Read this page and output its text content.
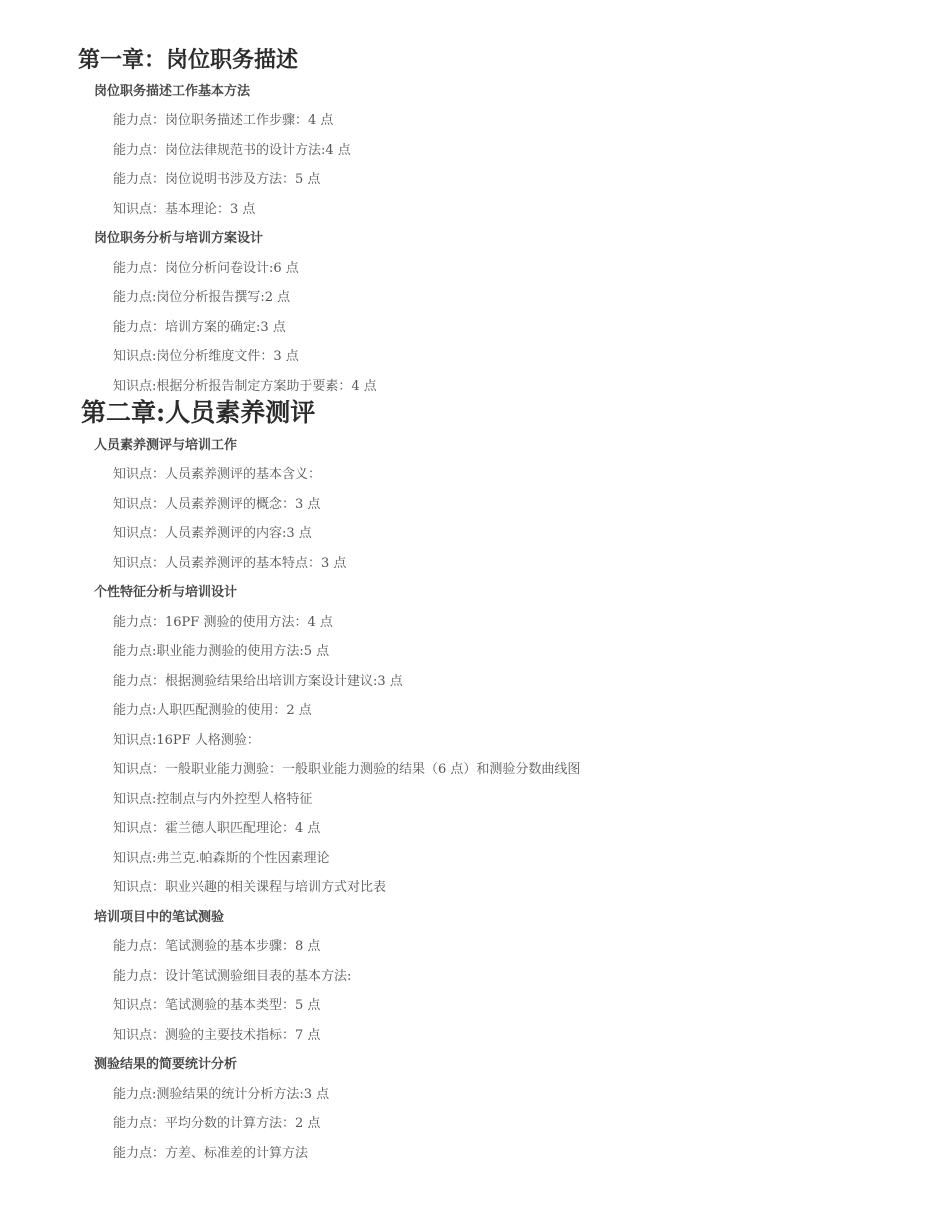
第一章：岗位职务描述
岗位职务描述工作基本方法
能力点：岗位职务描述工作步骤：4 点
能力点：岗位法律规范书的设计方法:4 点
能力点：岗位说明书涉及方法：5 点
知识点：基本理论：3 点
岗位职务分析与培训方案设计
能力点：岗位分析问卷设计:6 点
能力点:岗位分析报告撰写:2 点
能力点：培训方案的确定:3 点
知识点:岗位分析维度文件：3 点
知识点:根据分析报告制定方案助于要素：4 点
第二章:人员素养测评
人员素养测评与培训工作
知识点：人员素养测评的基本含义：
知识点：人员素养测评的概念：3 点
知识点：人员素养测评的内容:3 点
知识点：人员素养测评的基本特点：3 点
个性特征分析与培训设计
能力点：16PF 测验的使用方法：4 点
能力点:职业能力测验的使用方法:5 点
能力点：根据测验结果给出培训方案设计建议:3 点
能力点:人职匹配测验的使用：2 点
知识点:16PF 人格测验：
知识点：一般职业能力测验：一般职业能力测验的结果（6 点）和测验分数曲线图
知识点:控制点与内外控型人格特征
知识点：霍兰德人职匹配理论：4 点
知识点:弗兰克.帕森斯的个性因素理论
知识点：职业兴趣的相关课程与培训方式对比表
培训项目中的笔试测验
能力点：笔试测验的基本步骤：8 点
能力点：设计笔试测验细目表的基本方法:
知识点：笔试测验的基本类型：5 点
知识点：测验的主要技术指标：7 点
测验结果的简要统计分析
能力点:测验结果的统计分析方法:3 点
能力点：平均分数的计算方法：2 点
能力点：方差、标准差的计算方法
